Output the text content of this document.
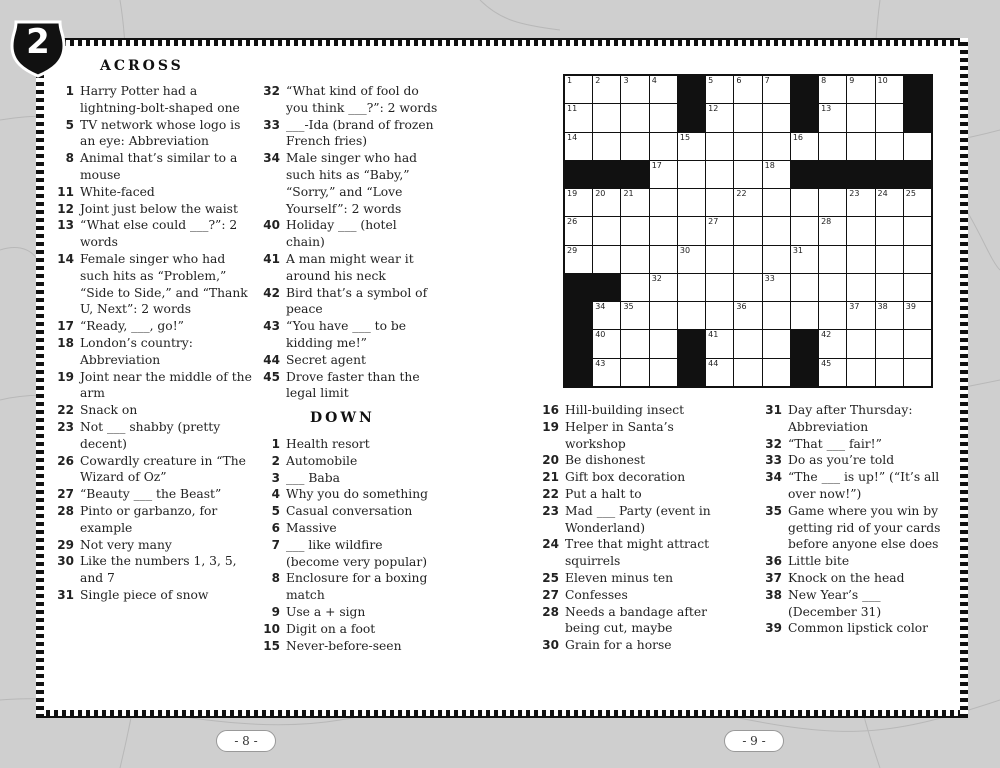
2
ACROSS
DOWN
1 Harry Potter had a lightning-bolt-shaped one
5 TV network whose logo is an eye: Abbreviation
8 Animal that’s similar to a mouse
11 White-faced
12 Joint just below the waist
13 “What else could ___?”: 2 words
14 Female singer who had such hits as “Problem,” “Side to Side,” and “Thank U, Next”: 2 words
17 “Ready, ___, go!”
18 London’s country: Abbreviation
19 Joint near the middle of the arm
22 Snack on
23 Not ___ shabby (pretty decent)
26 Cowardly creature in “The Wizard of Oz”
27 “Beauty ___ the Beast”
28 Pinto or garbanzo, for example
29 Not very many
30 Like the numbers 1, 3, 5, and 7
31 Single piece of snow
32 “What kind of fool do you think ___?”: 2 words
33 ___-Ida (brand of frozen French fries)
34 Male singer who had such hits as “Baby,” “Sorry,” and “Love Yourself”: 2 words
40 Holiday ___ (hotel chain)
41 A man might wear it around his neck
42 Bird that’s a symbol of peace
43 “You have ___ to be kidding me!”
44 Secret agent
45 Drove faster than the legal limit
1 Health resort
2 Automobile
3 ___ Baba
4 Why you do something
5 Casual conversation
6 Massive
7 ___ like wildfire (become very popular)
8 Enclosure for a boxing match
9 Use a + sign
10 Digit on a foot
15 Never-before-seen
16 Hill-building insect
19 Helper in Santa’s workshop
20 Be dishonest
21 Gift box decoration
22 Put a halt to
23 Mad ___ Party (event in Wonderland)
24 Tree that might attract squirrels
25 Eleven minus ten
27 Confesses
28 Needs a bandage after being cut, maybe
30 Grain for a horse
31 Day after Thursday: Abbreviation
32 “That ___ fair!”
33 Do as you’re told
34 “The ___ is up!” (“It’s all over now!”)
35 Game where you win by getting rid of your cards before anyone else does
36 Little bite
37 Knock on the head
38 New Year’s ___ (December 31)
39 Common lipstick color
1	2	3	4	5	6	7	8	9	10
11	12	13
14	15	16
17	18
19 20 21	22	23 24 25
26	27	28
29	30	31
32	33
34 35	36	37 38 39
40	41	42
43	44	45
- 8 -	- 9 -
